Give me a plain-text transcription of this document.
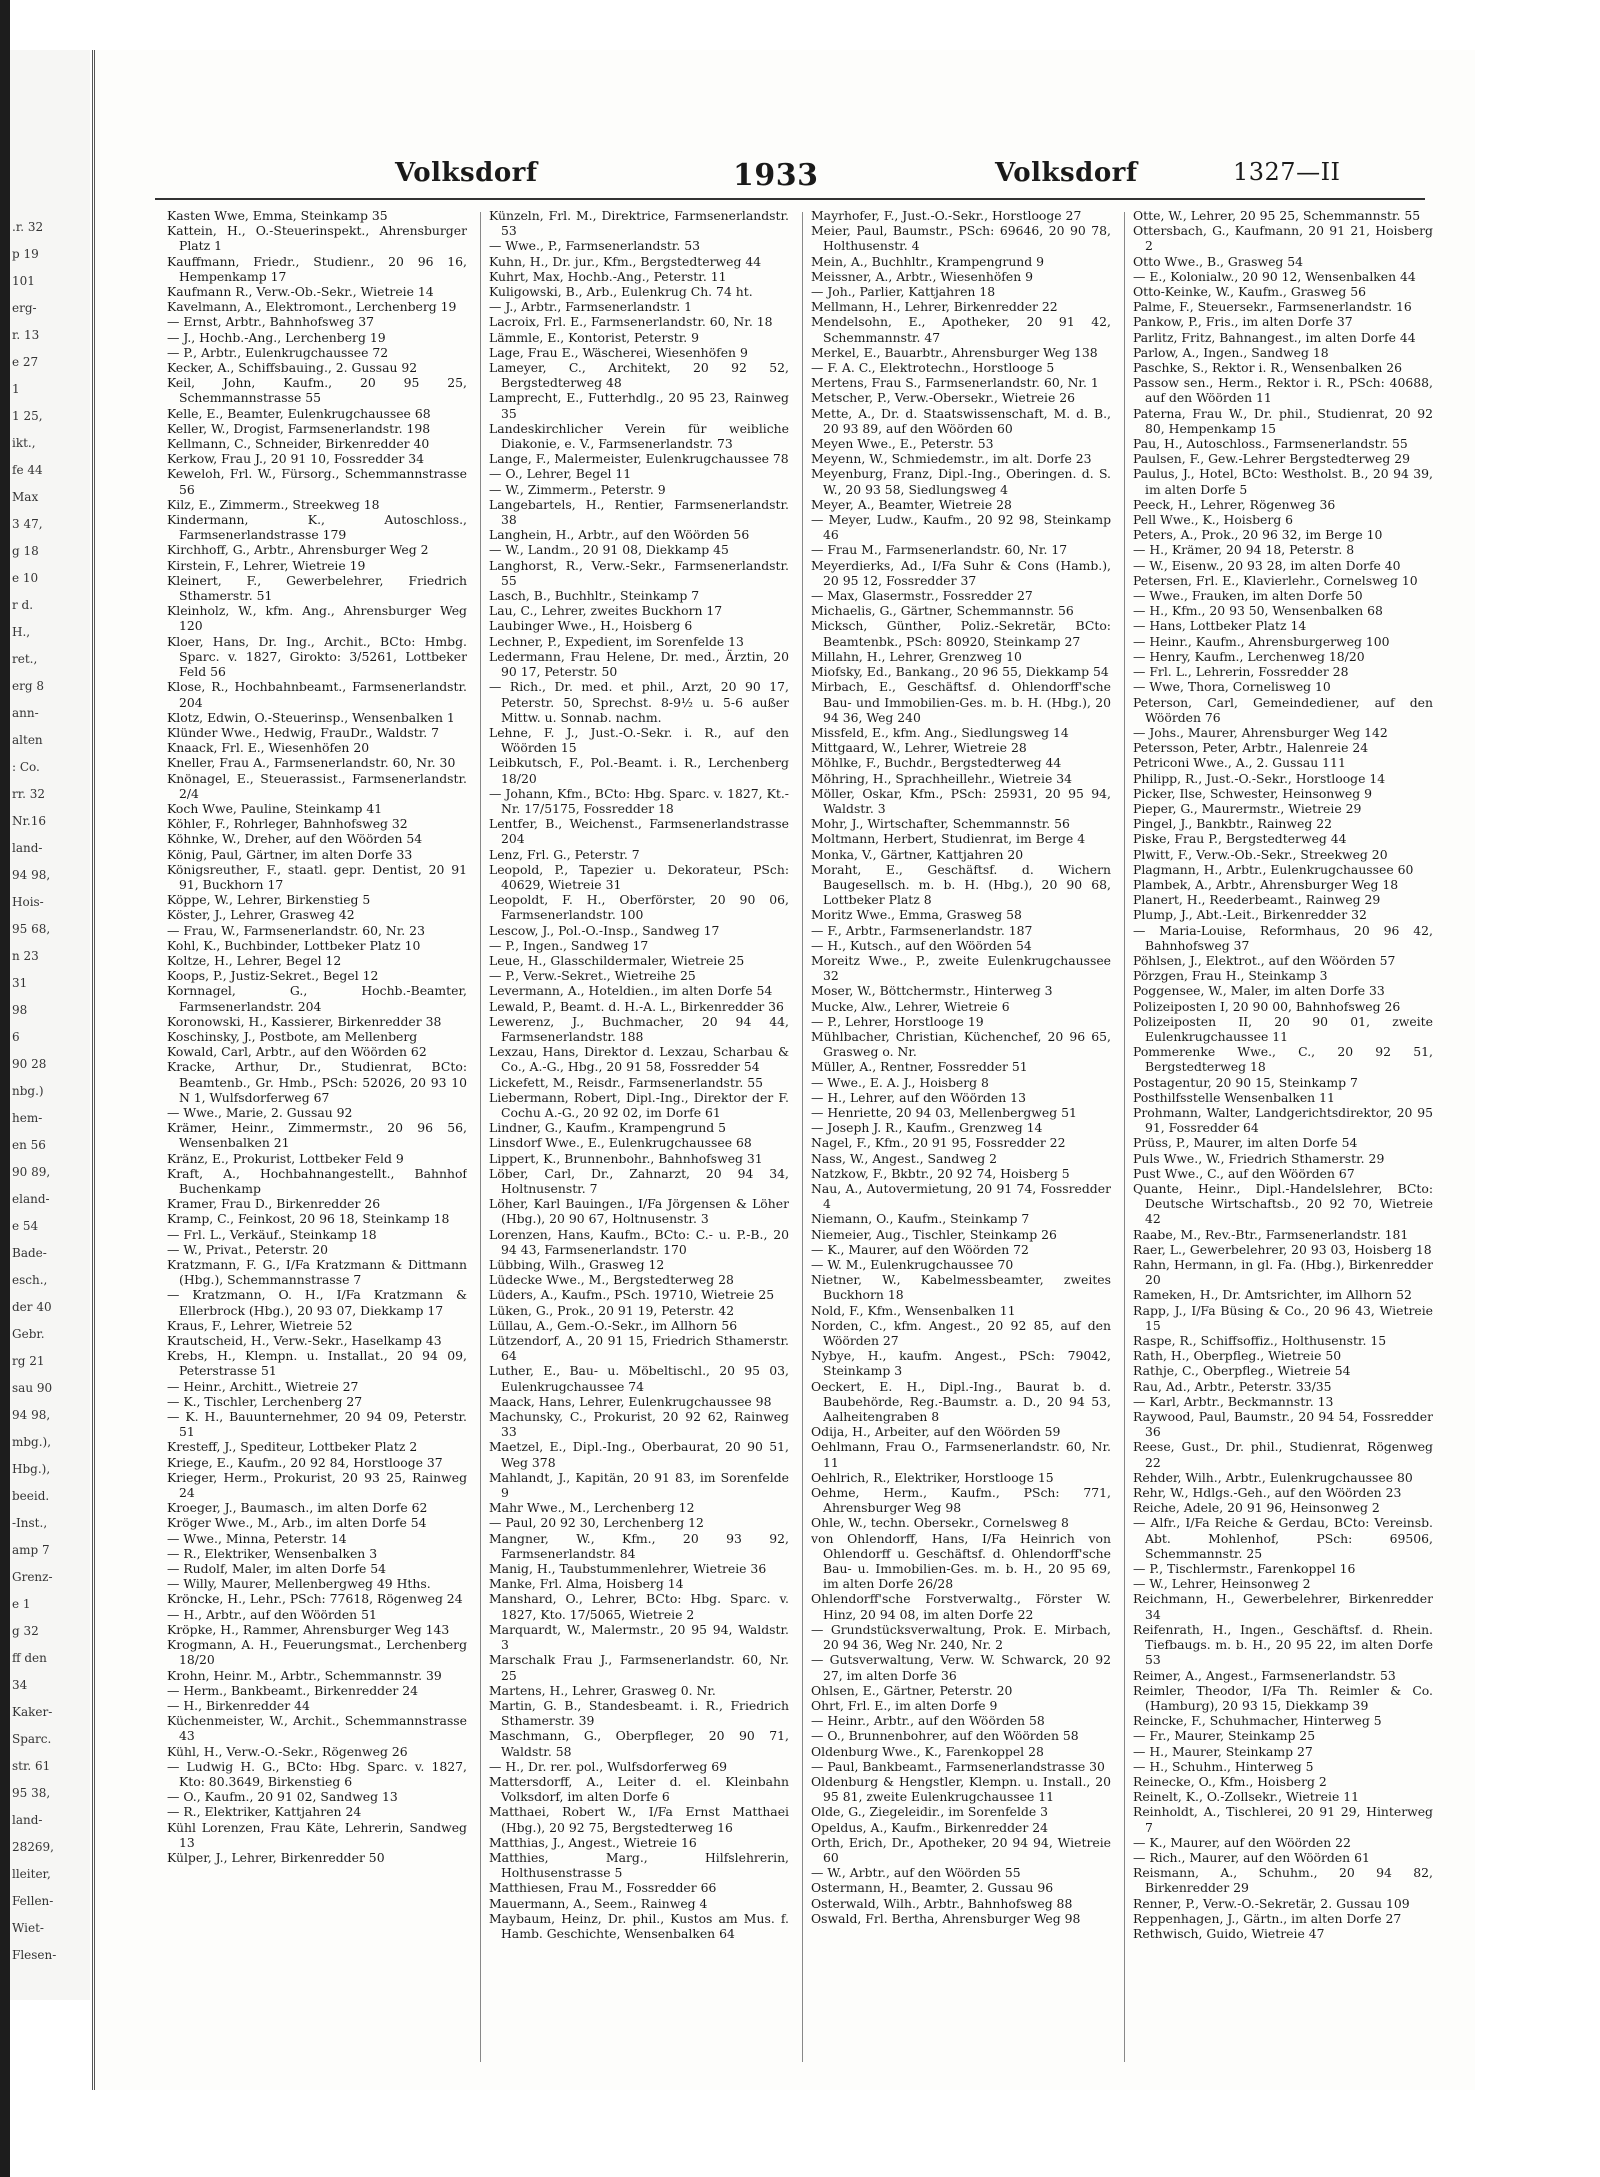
.r. 32
p 19
101
erg-
r. 13
e 27
1
1 25,
ikt.,
fe 44
Max
3 47,
g 18
e 10
r d.
H.,
ret.,
erg 8
ann-
alten
: Co.
rr. 32
Nr.16
land-
94 98,
Hois-
95 68,
n 23
31
98
6
90 28
nbg.)
hem-
en 56
90 89,
eland-
e 54
Bade-
esch.,
der 40
Gebr.
rg 21
sau 90
94 98,
mbg.),
Hbg.),
beeid.
-Inst.,
amp 7
Grenz-
e 1
g 32
ff den
34
Kaker-
Sparc.
str. 61
95 38,
land-
28269,
lleiter,
Fellen-
Wiet-
Flesen-
Volksdorf	1933	Volksdorf	1327—II
Kasten Wwe, Emma, Steinkamp 35
Kattein, H., O.-Steuerinspekt., Ahrensburger Platz 1
Kauffmann, Friedr., Studienr., 20 96 16, Hempenkamp 17
Kaufmann R., Verw.-Ob.-Sekr., Wietreie 14
Kavelmann, A., Elektromont., Lerchenberg 19
— Ernst, Arbtr., Bahnhofsweg 37
— J., Hochb.-Ang., Lerchenberg 19
— P., Arbtr., Eulenkrugchaussee 72
Kecker, A., Schiffsbauing., 2. Gussau 92
Keil, John, Kaufm., 20 95 25, Schemmannstrasse 55
Kelle, E., Beamter, Eulenkrugchaussee 68
Keller, W., Drogist, Farmsenerlandstr. 198
Kellmann, C., Schneider, Birkenredder 40
Kerkow, Frau J., 20 91 10, Fossredder 34
Keweloh, Frl. W., Fürsorg., Schemmannstrasse 56
Kilz, E., Zimmerm., Streekweg 18
Kindermann, K., Autoschloss., Farmsenerlandstrasse 179
Kirchhoff, G., Arbtr., Ahrensburger Weg 2
Kirstein, F., Lehrer, Wietreie 19
Kleinert, F., Gewerbelehrer, Friedrich Sthamerstr. 51
Kleinholz, W., kfm. Ang., Ahrensburger Weg 120
Kloer, Hans, Dr. Ing., Archit., BCto: Hmbg. Sparc. v. 1827, Girokto: 3/5261, Lottbeker Feld 56
Klose, R., Hochbahnbeamt., Farmsenerlandstr. 204
Klotz, Edwin, O.-Steuerinsp., Wensenbalken 1
Klünder Wwe., Hedwig, FrauDr., Waldstr. 7
Knaack, Frl. E., Wiesenhöfen 20
Kneller, Frau A., Farmsenerlandstr. 60, Nr. 30
Knönagel, E., Steuerassist., Farmsenerlandstr. 2/4
Koch Wwe, Pauline, Steinkamp 41
Köhler, F., Rohrleger, Bahnhofsweg 32
Köhnke, W., Dreher, auf den Wöörden 54
König, Paul, Gärtner, im alten Dorfe 33
Königsreuther, F., staatl. gepr. Dentist, 20 91 91, Buckhorn 17
Köppe, W., Lehrer, Birkenstieg 5
Köster, J., Lehrer, Grasweg 42
— Frau, W., Farmsenerlandstr. 60, Nr. 23
Kohl, K., Buchbinder, Lottbeker Platz 10
Koltze, H., Lehrer, Begel 12
Koops, P., Justiz-Sekret., Begel 12
Kornnagel, G., Hochb.-Beamter, Farmsenerlandstr. 204
Koronowski, H., Kassierer, Birkenredder 38
Koschinsky, J., Postbote, am Mellenberg
Kowald, Carl, Arbtr., auf den Wöörden 62
Kracke, Arthur, Dr., Studienrat, BCto: Beamtenb., Gr. Hmb., PSch: 52026, 20 93 10 N 1, Wulfsdorferweg 67
— Wwe., Marie, 2. Gussau 92
Krämer, Heinr., Zimmermstr., 20 96 56, Wensenbalken 21
Kränz, E., Prokurist, Lottbeker Feld 9
Kraft, A., Hochbahnangestellt., Bahnhof Buchenkamp
Kramer, Frau D., Birkenredder 26
Kramp, C., Feinkost, 20 96 18, Steinkamp 18
— Frl. L., Verkäuf., Steinkamp 18
— W., Privat., Peterstr. 20
Kratzmann, F. G., I/Fa Kratzmann & Dittmann (Hbg.), Schemmannstrasse 7
— Kratzmann, O. H., I/Fa Kratzmann & Ellerbrock (Hbg.), 20 93 07, Diekkamp 17
Kraus, F., Lehrer, Wietreie 52
Krautscheid, H., Verw.-Sekr., Haselkamp 43
Krebs, H., Klempn. u. Installat., 20 94 09, Peterstrasse 51
— Heinr., Architt., Wietreie 27
— K., Tischler, Lerchenberg 27
— K. H., Bauunternehmer, 20 94 09, Peterstr. 51
Kresteff, J., Spediteur, Lottbeker Platz 2
Kriege, E., Kaufm., 20 92 84, Horstlooge 37
Krieger, Herm., Prokurist, 20 93 25, Rainweg 24
Kroeger, J., Baumasch., im alten Dorfe 62
Kröger Wwe., M., Arb., im alten Dorfe 54
— Wwe., Minna, Peterstr. 14
— R., Elektriker, Wensenbalken 3
— Rudolf, Maler, im alten Dorfe 54
— Willy, Maurer, Mellenbergweg 49 Hths.
Kröncke, H., Lehr., PSch: 77618, Rögenweg 24
— H., Arbtr., auf den Wöörden 51
Kröpke, H., Rammer, Ahrensburger Weg 143
Krogmann, A. H., Feuerungsmat., Lerchenberg 18/20
Krohn, Heinr. M., Arbtr., Schemmannstr. 39
— Herm., Bankbeamt., Birkenredder 24
— H., Birkenredder 44
Küchenmeister, W., Archit., Schemmannstrasse 43
Kühl, H., Verw.-O.-Sekr., Rögenweg 26
— Ludwig H. G., BCto: Hbg. Sparc. v. 1827, Kto: 80.3649, Birkenstieg 6
— O., Kaufm., 20 91 02, Sandweg 13
— R., Elektriker, Kattjahren 24
Kühl Lorenzen, Frau Käte, Lehrerin, Sandweg 13
Külper, J., Lehrer, Birkenredder 50
Künzeln, Frl. M., Direktrice, Farmsenerlandstr. 53
— Wwe., P., Farmsenerlandstr. 53
Kuhn, H., Dr. jur., Kfm., Bergstedterweg 44
Kuhrt, Max, Hochb.-Ang., Peterstr. 11
Kuligowski, B., Arb., Eulenkrug Ch. 74 ht.
— J., Arbtr., Farmsenerlandstr. 1
Lacroix, Frl. E., Farmsenerlandstr. 60, Nr. 18
Lämmle, E., Kontorist, Peterstr. 9
Lage, Frau E., Wäscherei, Wiesenhöfen 9
Lameyer, C., Architekt, 20 92 52, Bergstedterweg 48
Lamprecht, E., Futterhdlg., 20 95 23, Rainweg 35
Landeskirchlicher Verein für weibliche Diakonie, e. V., Farmsenerlandstr. 73
Lange, F., Malermeister, Eulenkrugchaussee 78
— O., Lehrer, Begel 11
— W., Zimmerm., Peterstr. 9
Langebartels, H., Rentier, Farmsenerlandstr. 38
Langhein, H., Arbtr., auf den Wöörden 56
— W., Landm., 20 91 08, Diekkamp 45
Langhorst, R., Verw.-Sekr., Farmsenerlandstr. 55
Lasch, B., Buchhltr., Steinkamp 7
Lau, C., Lehrer, zweites Buckhorn 17
Laubinger Wwe., H., Hoisberg 6
Lechner, P., Expedient, im Sorenfelde 13
Ledermann, Frau Helene, Dr. med., Ärztin, 20 90 17, Peterstr. 50
— Rich., Dr. med. et phil., Arzt, 20 90 17, Peterstr. 50, Sprechst. 8-9½ u. 5-6 außer Mittw. u. Sonnab. nachm.
Lehne, F. J., Just.-O.-Sekr. i. R., auf den Wöörden 15
Leibkutsch, F., Pol.-Beamt. i. R., Lerchenberg 18/20
— Johann, Kfm., BCto: Hbg. Sparc. v. 1827, Kt.-Nr. 17/5175, Fossredder 18
Lentfer, B., Weichenst., Farmsenerlandstrasse 204
Lenz, Frl. G., Peterstr. 7
Leopold, P., Tapezier u. Dekorateur, PSch: 40629, Wietreie 31
Leopoldt, F. H., Oberförster, 20 90 06, Farmsenerlandstr. 100
Lescow, J., Pol.-O.-Insp., Sandweg 17
— P., Ingen., Sandweg 17
Leue, H., Glasschildermaler, Wietreie 25
— P., Verw.-Sekret., Wietreihe 25
Levermann, A., Hoteldien., im alten Dorfe 54
Lewald, P., Beamt. d. H.-A. L., Birkenredder 36
Lewerenz, J., Buchmacher, 20 94 44, Farmsenerlandstr. 188
Lexzau, Hans, Direktor d. Lexzau, Scharbau & Co., A.-G., Hbg., 20 91 58, Fossredder 54
Lickefett, M., Reisdr., Farmsenerlandstr. 55
Liebermann, Robert, Dipl.-Ing., Direktor der F. Cochu A.-G., 20 92 02, im Dorfe 61
Lindner, G., Kaufm., Krampengrund 5
Linsdorf Wwe., E., Eulenkrugchaussee 68
Lippert, K., Brunnenbohr., Bahnhofsweg 31
Löber, Carl, Dr., Zahnarzt, 20 94 34, Holtnusenstr. 7
Löher, Karl Bauingen., I/Fa Jörgensen & Löher (Hbg.), 20 90 67, Holtnusenstr. 3
Lorenzen, Hans, Kaufm., BCto: C.- u. P.-B., 20 94 43, Farmsenerlandstr. 170
Lübbing, Wilh., Grasweg 12
Lüdecke Wwe., M., Bergstedterweg 28
Lüders, A., Kaufm., PSch. 19710, Wietreie 25
Lüken, G., Prok., 20 91 19, Peterstr. 42
Lüllau, A., Gem.-O.-Sekr., im Allhorn 56
Lützendorf, A., 20 91 15, Friedrich Sthamerstr. 64
Luther, E., Bau- u. Möbeltischl., 20 95 03, Eulenkrugchaussee 74
Maack, Hans, Lehrer, Eulenkrugchaussee 98
Machunsky, C., Prokurist, 20 92 62, Rainweg 33
Maetzel, E., Dipl.-Ing., Oberbaurat, 20 90 51, Weg 378
Mahlandt, J., Kapitän, 20 91 83, im Sorenfelde 9
Mahr Wwe., M., Lerchenberg 12
— Paul, 20 92 30, Lerchenberg 12
Mangner, W., Kfm., 20 93 92, Farmsenerlandstr. 84
Manig, H., Taubstummenlehrer, Wietreie 36
Manke, Frl. Alma, Hoisberg 14
Manshard, O., Lehrer, BCto: Hbg. Sparc. v. 1827, Kto. 17/5065, Wietreie 2
Marquardt, W., Malermstr., 20 95 94, Waldstr. 3
Marschalk Frau J., Farmsenerlandstr. 60, Nr. 25
Martens, H., Lehrer, Grasweg 0. Nr.
Martin, G. B., Standesbeamt. i. R., Friedrich Sthamerstr. 39
Maschmann, G., Oberpfleger, 20 90 71, Waldstr. 58
— H., Dr. rer. pol., Wulfsdorferweg 69
Mattersdorff, A., Leiter d. el. Kleinbahn Volksdorf, im alten Dorfe 6
Matthaei, Robert W., I/Fa Ernst Matthaei (Hbg.), 20 92 75, Bergstedterweg 16
Matthias, J., Angest., Wietreie 16
Matthies, Marg., Hilfslehrerin, Holthusenstrasse 5
Matthiesen, Frau M., Fossredder 66
Mauermann, A., Seem., Rainweg 4
Maybaum, Heinz, Dr. phil., Kustos am Mus. f. Hamb. Geschichte, Wensenbalken 64
Mayrhofer, F., Just.-O.-Sekr., Horstlooge 27
Meier, Paul, Baumstr., PSch: 69646, 20 90 78, Holthusenstr. 4
Mein, A., Buchhltr., Krampengrund 9
Meissner, A., Arbtr., Wiesenhöfen 9
— Joh., Parlier, Kattjahren 18
Mellmann, H., Lehrer, Birkenredder 22
Mendelsohn, E., Apotheker, 20 91 42, Schemmannstr. 47
Merkel, E., Bauarbtr., Ahrensburger Weg 138
— F. A. C., Elektrotechn., Horstlooge 5
Mertens, Frau S., Farmsenerlandstr. 60, Nr. 1
Metscher, P., Verw.-Obersekr., Wietreie 26
Mette, A., Dr. d. Staatswissenschaft, M. d. B., 20 93 89, auf den Wöörden 60
Meyen Wwe., E., Peterstr. 53
Meyenn, W., Schmiedemstr., im alt. Dorfe 23
Meyenburg, Franz, Dipl.-Ing., Oberingen. d. S. W., 20 93 58, Siedlungsweg 4
Meyer, A., Beamter, Wietreie 28
— Meyer, Ludw., Kaufm., 20 92 98, Steinkamp 46
— Frau M., Farmsenerlandstr. 60, Nr. 17
Meyerdierks, Ad., I/Fa Suhr & Cons (Hamb.), 20 95 12, Fossredder 37
— Max, Glasermstr., Fossredder 27
Michaelis, G., Gärtner, Schemmannstr. 56
Micksch, Günther, Poliz.-Sekretär, BCto: Beamtenbk., PSch: 80920, Steinkamp 27
Millahn, H., Lehrer, Grenzweg 10
Miofsky, Ed., Bankang., 20 96 55, Diekkamp 54
Mirbach, E., Geschäftsf. d. Ohlendorff'sche Bau- und Immobilien-Ges. m. b. H. (Hbg.), 20 94 36, Weg 240
Missfeld, E., kfm. Ang., Siedlungsweg 14
Mittgaard, W., Lehrer, Wietreie 28
Möhlke, F., Buchdr., Bergstedterweg 44
Möhring, H., Sprachheillehr., Wietreie 34
Möller, Oskar, Kfm., PSch: 25931, 20 95 94, Waldstr. 3
Mohr, J., Wirtschafter, Schemmannstr. 56
Moltmann, Herbert, Studienrat, im Berge 4
Monka, V., Gärtner, Kattjahren 20
Moraht, E., Geschäftsf. d. Wichern Baugesellsch. m. b. H. (Hbg.), 20 90 68, Lottbeker Platz 8
Moritz Wwe., Emma, Grasweg 58
— F., Arbtr., Farmsenerlandstr. 187
— H., Kutsch., auf den Wöörden 54
Moreitz Wwe., P., zweite Eulenkrugchaussee 32
Moser, W., Böttchermstr., Hinterweg 3
Mucke, Alw., Lehrer, Wietreie 6
— P., Lehrer, Horstlooge 19
Mühlbacher, Christian, Küchenchef, 20 96 65, Grasweg o. Nr.
Müller, A., Rentner, Fossredder 51
— Wwe., E. A. J., Hoisberg 8
— H., Lehrer, auf den Wöörden 13
— Henriette, 20 94 03, Mellenbergweg 51
— Joseph J. R., Kaufm., Grenzweg 14
Nagel, F., Kfm., 20 91 95, Fossredder 22
Nass, W., Angest., Sandweg 2
Natzkow, F., Bkbtr., 20 92 74, Hoisberg 5
Nau, A., Autovermietung, 20 91 74, Fossredder 4
Niemann, O., Kaufm., Steinkamp 7
Niemeier, Aug., Tischler, Steinkamp 26
— K., Maurer, auf den Wöörden 72
— W. M., Eulenkrugchaussee 70
Nietner, W., Kabelmessbeamter, zweites Buckhorn 18
Nold, F., Kfm., Wensenbalken 11
Norden, C., kfm. Angest., 20 92 85, auf den Wöörden 27
Nybye, H., kaufm. Angest., PSch: 79042, Steinkamp 3
Oeckert, E. H., Dipl.-Ing., Baurat b. d. Baubehörde, Reg.-Baumstr. a. D., 20 94 53, Aalheitengraben 8
Odija, H., Arbeiter, auf den Wöörden 59
Oehlmann, Frau O., Farmsenerlandstr. 60, Nr. 11
Oehlrich, R., Elektriker, Horstlooge 15
Oehme, Herm., Kaufm., PSch: 771, Ahrensburger Weg 98
Ohle, W., techn. Obersekr., Cornelsweg 8
von Ohlendorff, Hans, I/Fa Heinrich von Ohlendorff u. Geschäftsf. d. Ohlendorff'sche Bau- u. Immobilien-Ges. m. b. H., 20 95 69, im alten Dorfe 26/28
Ohlendorff'sche Forstverwaltg., Förster W. Hinz, 20 94 08, im alten Dorfe 22
— Grundstücksverwaltung, Prok. E. Mirbach, 20 94 36, Weg Nr. 240, Nr. 2
— Gutsverwaltung, Verw. W. Schwarck, 20 92 27, im alten Dorfe 36
Ohlsen, E., Gärtner, Peterstr. 20
Ohrt, Frl. E., im alten Dorfe 9
— Heinr., Arbtr., auf den Wöörden 58
— O., Brunnenbohrer, auf den Wöörden 58
Oldenburg Wwe., K., Farenkoppel 28
— Paul, Bankbeamt., Farmsenerlandstrasse 30
Oldenburg & Hengstler, Klempn. u. Install., 20 95 81, zweite Eulenkrugchaussee 11
Olde, G., Ziegeleidir., im Sorenfelde 3
Opeldus, A., Kaufm., Birkenredder 24
Orth, Erich, Dr., Apotheker, 20 94 94, Wietreie 60
— W., Arbtr., auf den Wöörden 55
Ostermann, H., Beamter, 2. Gussau 96
Osterwald, Wilh., Arbtr., Bahnhofsweg 88
Oswald, Frl. Bertha, Ahrensburger Weg 98
Otte, W., Lehrer, 20 95 25, Schemmannstr. 55
Ottersbach, G., Kaufmann, 20 91 21, Hoisberg 2
Otto Wwe., B., Grasweg 54
— E., Kolonialw., 20 90 12, Wensenbalken 44
Otto-Keinke, W., Kaufm., Grasweg 56
Palme, F., Steuersekr., Farmsenerlandstr. 16
Pankow, P., Fris., im alten Dorfe 37
Parlitz, Fritz, Bahnangest., im alten Dorfe 44
Parlow, A., Ingen., Sandweg 18
Paschke, S., Rektor i. R., Wensenbalken 26
Passow sen., Herm., Rektor i. R., PSch: 40688, auf den Wöörden 11
Paterna, Frau W., Dr. phil., Studienrat, 20 92 80, Hempenkamp 15
Pau, H., Autoschloss., Farmsenerlandstr. 55
Paulsen, F., Gew.-Lehrer Bergstedterweg 29
Paulus, J., Hotel, BCto: Westholst. B., 20 94 39, im alten Dorfe 5
Peeck, H., Lehrer, Rögenweg 36
Pell Wwe., K., Hoisberg 6
Peters, A., Prok., 20 96 32, im Berge 10
— H., Krämer, 20 94 18, Peterstr. 8
— W., Eisenw., 20 93 28, im alten Dorfe 40
Petersen, Frl. E., Klavierlehr., Cornelsweg 10
— Wwe., Frauken, im alten Dorfe 50
— H., Kfm., 20 93 50, Wensenbalken 68
— Hans, Lottbeker Platz 14
— Heinr., Kaufm., Ahrensburgerweg 100
— Henry, Kaufm., Lerchenweg 18/20
— Frl. L., Lehrerin, Fossredder 28
— Wwe, Thora, Cornelisweg 10
Peterson, Carl, Gemeindediener, auf den Wöörden 76
— Johs., Maurer, Ahrensburger Weg 142
Petersson, Peter, Arbtr., Halenreie 24
Petriconi Wwe., A., 2. Gussau 111
Philipp, R., Just.-O.-Sekr., Horstlooge 14
Picker, Ilse, Schwester, Heinsonweg 9
Pieper, G., Maurermstr., Wietreie 29
Pingel, J., Bankbtr., Rainweg 22
Piske, Frau P., Bergstedterweg 44
Plwitt, F., Verw.-Ob.-Sekr., Streekweg 20
Plagmann, H., Arbtr., Eulenkrugchaussee 60
Plambek, A., Arbtr., Ahrensburger Weg 18
Planert, H., Reederbeamt., Rainweg 29
Plump, J., Abt.-Leit., Birkenredder 32
— Maria-Louise, Reformhaus, 20 96 42, Bahnhofsweg 37
Pöhlsen, J., Elektrot., auf den Wöörden 57
Pörzgen, Frau H., Steinkamp 3
Poggensee, W., Maler, im alten Dorfe 33
Polizeiposten I, 20 90 00, Bahnhofsweg 26
Polizeiposten II, 20 90 01, zweite Eulenkrugchaussee 11
Pommerenke Wwe., C., 20 92 51, Bergstedterweg 18
Postagentur, 20 90 15, Steinkamp 7
Posthilfsstelle Wensenbalken 11
Prohmann, Walter, Landgerichtsdirektor, 20 95 91, Fossredder 64
Prüss, P., Maurer, im alten Dorfe 54
Puls Wwe., W., Friedrich Sthamerstr. 29
Pust Wwe., C., auf den Wöörden 67
Quante, Heinr., Dipl.-Handelslehrer, BCto: Deutsche Wirtschaftsb., 20 92 70, Wietreie 42
Raabe, M., Rev.-Btr., Farmsenerlandstr. 181
Raer, L., Gewerbelehrer, 20 93 03, Hoisberg 18
Rahn, Hermann, in gl. Fa. (Hbg.), Birkenredder 20
Rameken, H., Dr. Amtsrichter, im Allhorn 52
Rapp, J., I/Fa Büsing & Co., 20 96 43, Wietreie 15
Raspe, R., Schiffsoffiz., Holthusenstr. 15
Rath, H., Oberpfleg., Wietreie 50
Rathje, C., Oberpfleg., Wietreie 54
Rau, Ad., Arbtr., Peterstr. 33/35
— Karl, Arbtr., Beckmannstr. 13
Raywood, Paul, Baumstr., 20 94 54, Fossredder 36
Reese, Gust., Dr. phil., Studienrat, Rögenweg 22
Rehder, Wilh., Arbtr., Eulenkrugchaussee 80
Rehr, W., Hdlgs.-Geh., auf den Wöörden 23
Reiche, Adele, 20 91 96, Heinsonweg 2
— Alfr., I/Fa Reiche & Gerdau, BCto: Vereinsb. Abt. Mohlenhof, PSch: 69506, Schemmannstr. 25
— P., Tischlermstr., Farenkoppel 16
— W., Lehrer, Heinsonweg 2
Reichmann, H., Gewerbelehrer, Birkenredder 34
Reifenrath, H., Ingen., Geschäftsf. d. Rhein. Tiefbaugs. m. b. H., 20 95 22, im alten Dorfe 53
Reimer, A., Angest., Farmsenerlandstr. 53
Reimler, Theodor, I/Fa Th. Reimler & Co. (Hamburg), 20 93 15, Diekkamp 39
Reincke, F., Schuhmacher, Hinterweg 5
— Fr., Maurer, Steinkamp 25
— H., Maurer, Steinkamp 27
— H., Schuhm., Hinterweg 5
Reinecke, O., Kfm., Hoisberg 2
Reinelt, K., O.-Zollsekr., Wietreie 11
Reinholdt, A., Tischlerei, 20 91 29, Hinterweg 7
— K., Maurer, auf den Wöörden 22
— Rich., Maurer, auf den Wöörden 61
Reismann, A., Schuhm., 20 94 82, Birkenredder 29
Renner, P., Verw.-O.-Sekretär, 2. Gussau 109
Reppenhagen, J., Gärtn., im alten Dorfe 27
Rethwisch, Guido, Wietreie 47
